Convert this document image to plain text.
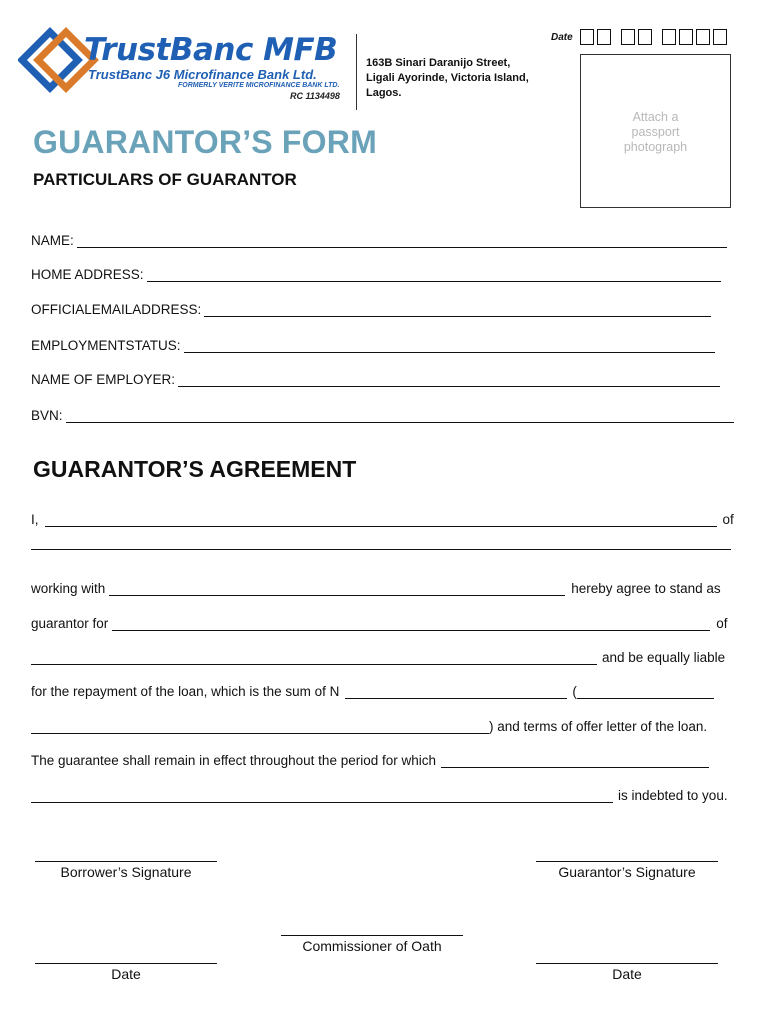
TrustBanc MFB
TrustBanc J6 Microfinance Bank Ltd.
FORMERLY VERITE MICROFINANCE BANK LTD.
RC 1134498
163B Sinari Daranijo Street,
Ligali Ayorinde, Victoria Island,
Lagos.
Date
Attach a
passport
photograph
GUARANTOR’S FORM
PARTICULARS OF GUARANTOR
NAME:
HOME ADDRESS:
OFFICIALEMAILADDRESS:
EMPLOYMENTSTATUS:
NAME OF EMPLOYER:
BVN:
GUARANTOR’S AGREEMENT
I,	of
working with	hereby agree to stand as
guarantor for	of
and be equally liable
for the repayment of the loan, which is the sum of N	(
) and terms of offer letter of the loan.
The guarantee shall remain in effect throughout the period for which
is indebted to you.
Borrower’s Signature	Guarantor’s Signature
Commissioner of Oath
Date	Date
